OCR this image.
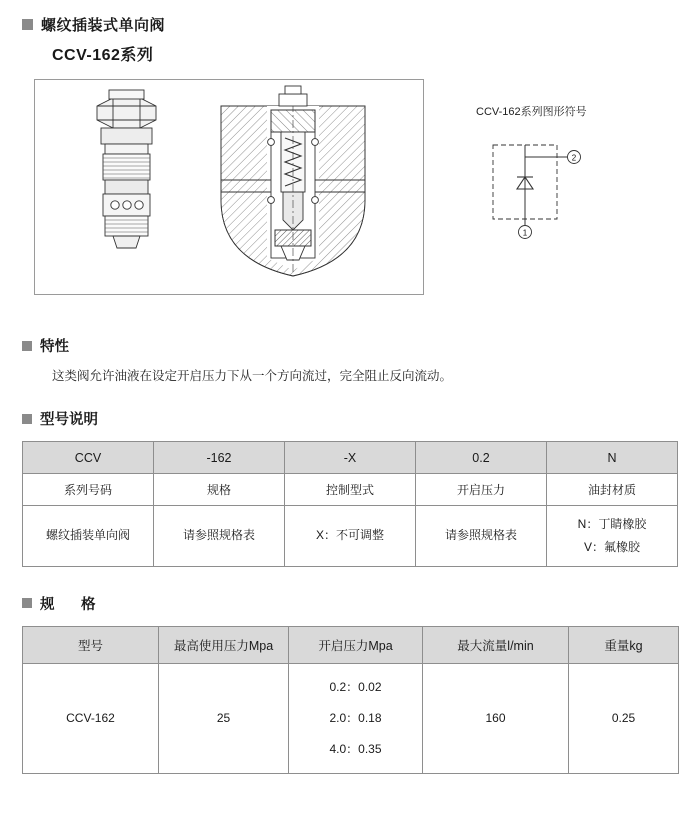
螺纹插装式单向阀
CCV-162系列
CCV-162系列图形符号
2
1
特性
这类阀允许油液在设定开启压力下从一个方向流过，完全阻止反向流动。
型号说明
CCV	-162	-X	0.2	N
系列号码	规格	控制型式	开启压力	油封材质
螺纹插装单向阀	请参照规格表	X：不可调整	请参照规格表	N：丁睛橡胶
V：氟橡胶
规　格
型号	最高使用压力Mpa	开启压力Mpa	最大流量l/min	重量kg
CCV-162	25	0.2：0.02
2.0：0.18
4.0：0.35	160	0.25
